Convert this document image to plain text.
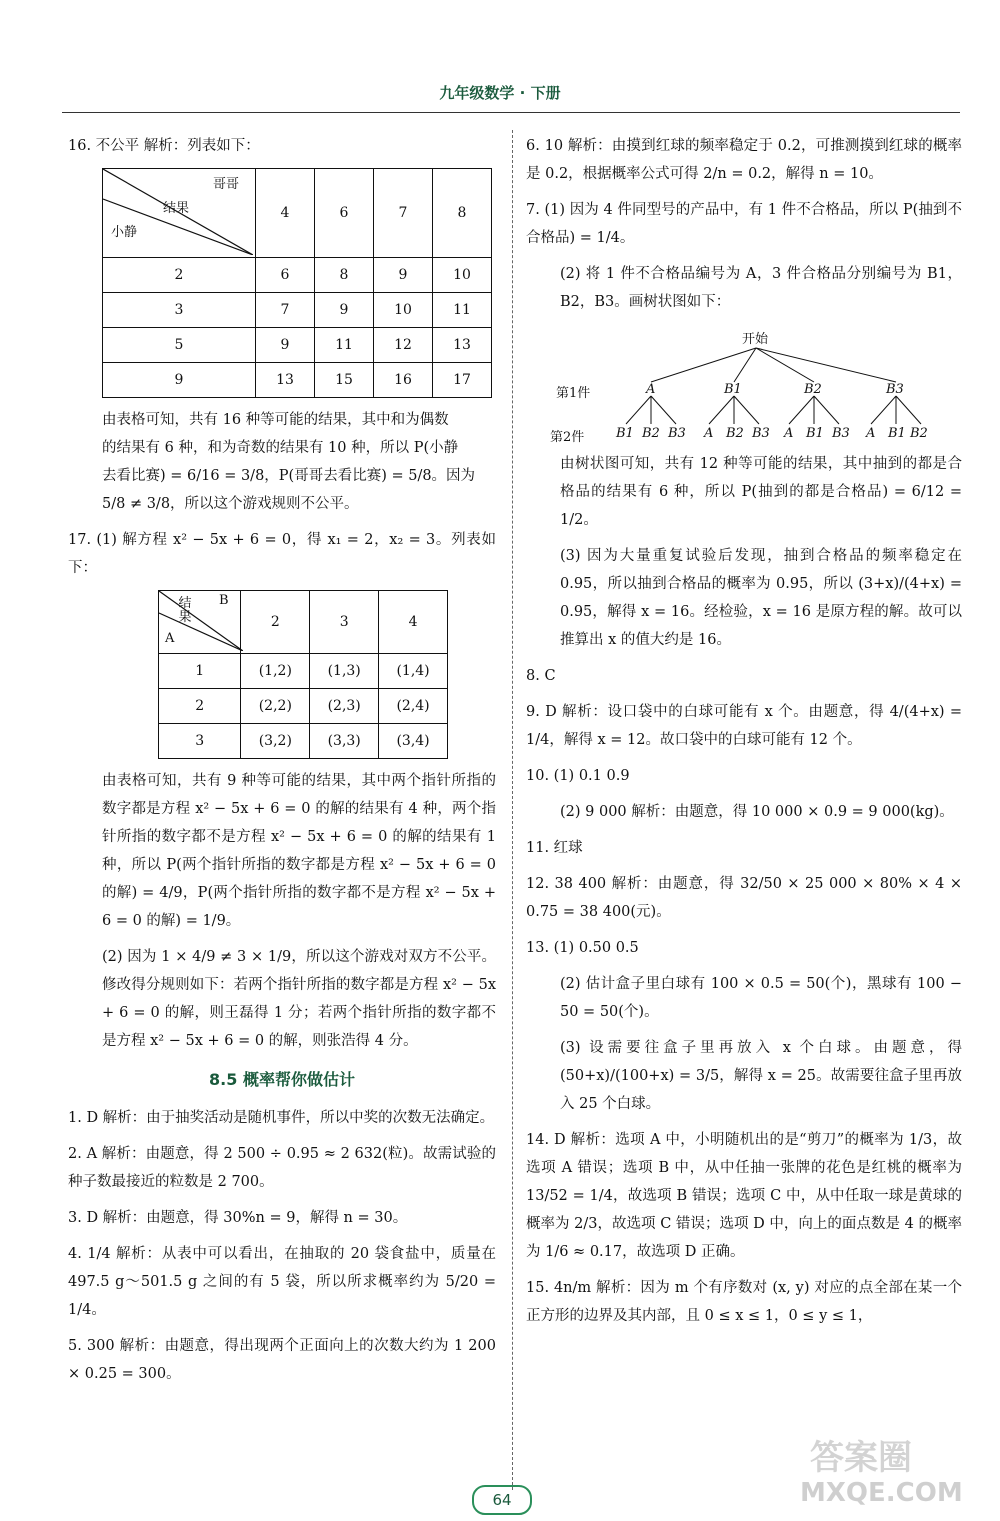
九年级数学 · 下册

16. 不公平 解析：列表如下：

哥哥
结果
小静	4	6	7	8
2	6	8	9	10
3	7	9	10	11
5	9	11	12	13
9	13	15	16	17

由表格可知，共有 16 种等可能的结果，其中和为偶数

的结果有 6 种，和为奇数的结果有 10 种，所以 P(小静

去看比赛) = 6/16 = 3/8，P(哥哥去看比赛) = 5/8。因为

5/8 ≠ 3/8，所以这个游戏规则不公平。

17. (1) 解方程 x² − 5x + 6 = 0，得 x₁ = 2，x₂ = 3。列表如下：

B
结果
A	2	3	4
1	(1,2)	(1,3)	(1,4)
2	(2,2)	(2,3)	(2,4)
3	(3,2)	(3,3)	(3,4)

由表格可知，共有 9 种等可能的结果，其中两个指针所指的数字都是方程 x² − 5x + 6 = 0 的解的结果有 4 种，两个指针所指的数字都不是方程 x² − 5x + 6 = 0 的解的结果有 1 种，所以 P(两个指针所指的数字都是方程 x² − 5x + 6 = 0 的解) = 4/9，P(两个指针所指的数字都不是方程 x² − 5x + 6 = 0 的解) = 1/9。

(2) 因为 1 × 4/9 ≠ 3 × 1/9，所以这个游戏对双方不公平。修改得分规则如下：若两个指针所指的数字都是方程 x² − 5x + 6 = 0 的解，则王磊得 1 分；若两个指针所指的数字都不是方程 x² − 5x + 6 = 0 的解，则张浩得 4 分。

8.5 概率帮你做估计

1. D 解析：由于抽奖活动是随机事件，所以中奖的次数无法确定。

2. A 解析：由题意，得 2 500 ÷ 0.95 ≈ 2 632(粒)。故需试验的种子数最接近的粒数是 2 700。

3. D 解析：由题意，得 30%n = 9，解得 n = 30。

4. 1/4 解析：从表中可以看出，在抽取的 20 袋食盐中，质量在 497.5 g～501.5 g 之间的有 5 袋，所以所求概率约为 5/20 = 1/4。

5. 300 解析：由题意，得出现两个正面向上的次数大约为 1 200 × 0.25 = 300。

6. 10 解析：由摸到红球的频率稳定于 0.2，可推测摸到红球的概率是 0.2，根据概率公式可得 2/n = 0.2，解得 n = 10。

7. (1) 因为 4 件同型号的产品中，有 1 件不合格品，所以 P(抽到不合格品) = 1/4。

(2) 将 1 件不合格品编号为 A，3 件合格品分别编号为 B1，B2，B3。画树状图如下：

开始
第1件	A	B1	B2	B3
第2件 B1 B2 B3 A B2 B3 A B1 B3 A B1 B2

由树状图可知，共有 12 种等可能的结果，其中抽到的都是合格品的结果有 6 种，所以 P(抽到的都是合格品) = 6/12 = 1/2。

(3) 因为大量重复试验后发现，抽到合格品的频率稳定在 0.95，所以抽到合格品的概率为 0.95，所以 (3+x)/(4+x) = 0.95，解得 x = 16。经检验，x = 16 是原方程的解。故可以推算出 x 的值大约是 16。

8. C

9. D 解析：设口袋中的白球可能有 x 个。由题意，得 4/(4+x) = 1/4，解得 x = 12。故口袋中的白球可能有 12 个。

10. (1) 0.1 0.9

(2) 9 000 解析：由题意，得 10 000 × 0.9 = 9 000(kg)。

11. 红球

12. 38 400 解析：由题意，得 32/50 × 25 000 × 80% × 4 × 0.75 = 38 400(元)。

13. (1) 0.50 0.5

(2) 估计盒子里白球有 100 × 0.5 = 50(个)，黑球有 100 − 50 = 50(个)。

(3) 设需要往盒子里再放入 x 个白球。由题意，得 (50+x)/(100+x) = 3/5，解得 x = 25。故需要往盒子里再放入 25 个白球。

14. D 解析：选项 A 中，小明随机出的是“剪刀”的概率为 1/3，故选项 A 错误；选项 B 中，从中任抽一张牌的花色是红桃的概率为 13/52 = 1/4，故选项 B 错误；选项 C 中，从中任取一球是黄球的概率为 2/3，故选项 C 错误；选项 D 中，向上的面点数是 4 的概率为 1/6 ≈ 0.17，故选项 D 正确。

15. 4n/m 解析：因为 m 个有序数对 (x, y) 对应的点全部在某一个正方形的边界及其内部，且 0 ≤ x ≤ 1，0 ≤ y ≤ 1，

64
答案圈
MXQE.COM
